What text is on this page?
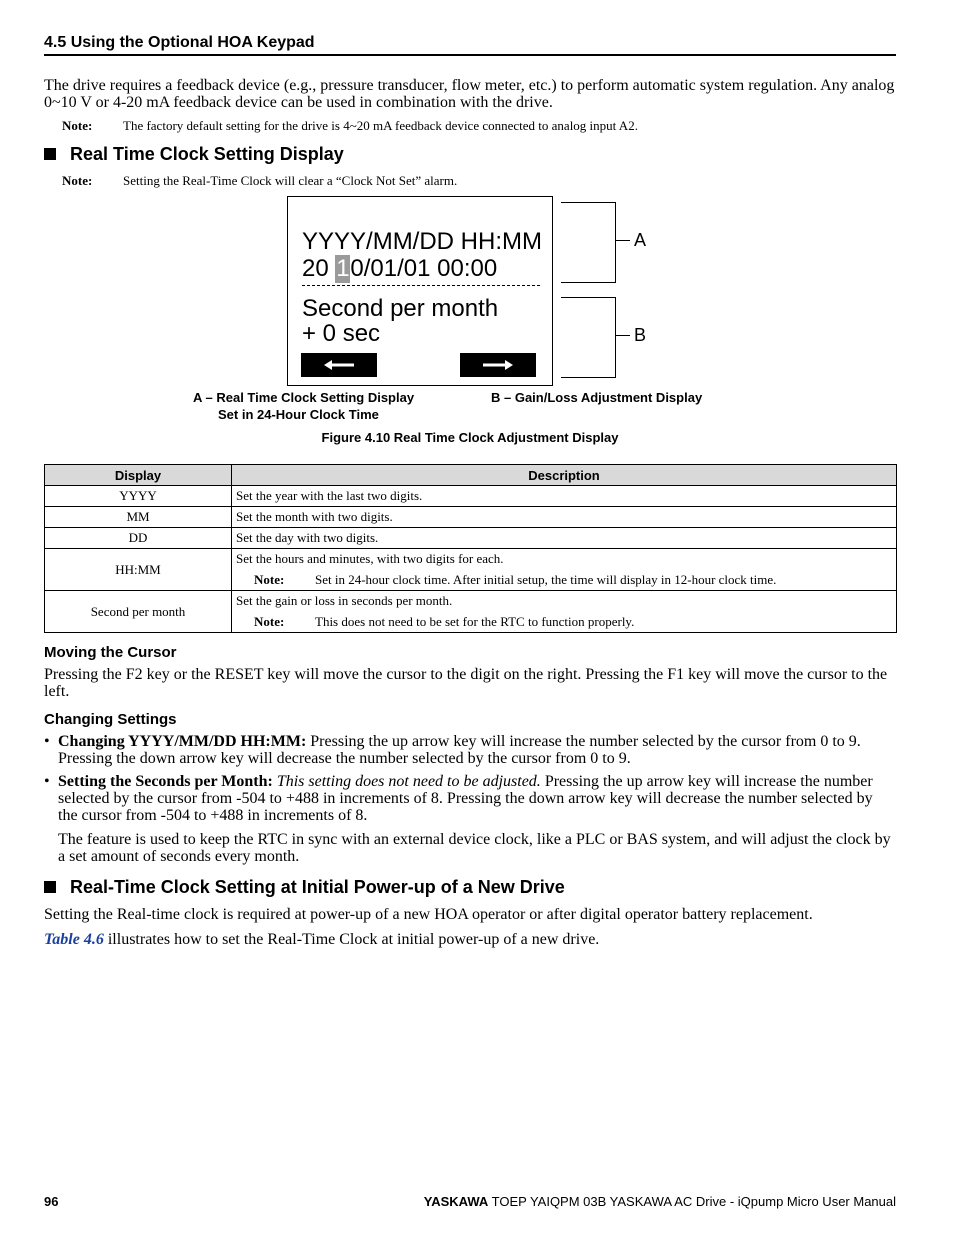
4.5 Using the Optional HOA Keypad
The drive requires a feedback device (e.g., pressure transducer, flow meter, etc.) to perform automatic system regulation. Any analog 0~10 V or 4-20 mA feedback device can be used in combination with the drive.
Note: The factory default setting for the drive is 4~20 mA feedback device connected to analog input A2.
Real Time Clock Setting Display
Note: Setting the Real-Time Clock will clear a “Clock Not Set” alarm.
YYYY/MM/DD HH:MM
20 10/01/01 00:00
Second per month
+ 0 sec
A
B
A – Real Time Clock Setting Display
Set in 24-Hour Clock Time
B – Gain/Loss Adjustment Display
Figure 4.10 Real Time Clock Adjustment Display
Display	Description
YYYY	Set the year with the last two digits.
MM	Set the month with two digits.
DD	Set the day with two digits.
HH:MM	Set the hours and minutes, with two digits for each.
Note: Set in 24-hour clock time. After initial setup, the time will display in 12-hour clock time.

Second per month	Set the gain or loss in seconds per month.
Note: This does not need to be set for the RTC to function properly.
Moving the Cursor
Pressing the F2 key or the RESET key will move the cursor to the digit on the right. Pressing the F1 key will move the cursor to the left.
Changing Settings
• Changing YYYY/MM/DD HH:MM: Pressing the up arrow key will increase the number selected by the cursor from 0 to 9. Pressing the down arrow key will decrease the number selected by the cursor from 0 to 9.
• Setting the Seconds per Month: This setting does not need to be adjusted. Pressing the up arrow key will increase the number selected by the cursor from -504 to +488 in increments of 8. Pressing the down arrow key will decrease the number selected by the cursor from -504 to +488 in increments of 8.
The feature is used to keep the RTC in sync with an external device clock, like a PLC or BAS system, and will adjust the clock by a set amount of seconds every month.
Real-Time Clock Setting at Initial Power-up of a New Drive
Setting the Real-time clock is required at power-up of a new HOA operator or after digital operator battery replacement.
Table 4.6 illustrates how to set the Real-Time Clock at initial power-up of a new drive.
96	YASKAWA TOEP YAIQPM 03B YASKAWA AC Drive - iQpump Micro User Manual
